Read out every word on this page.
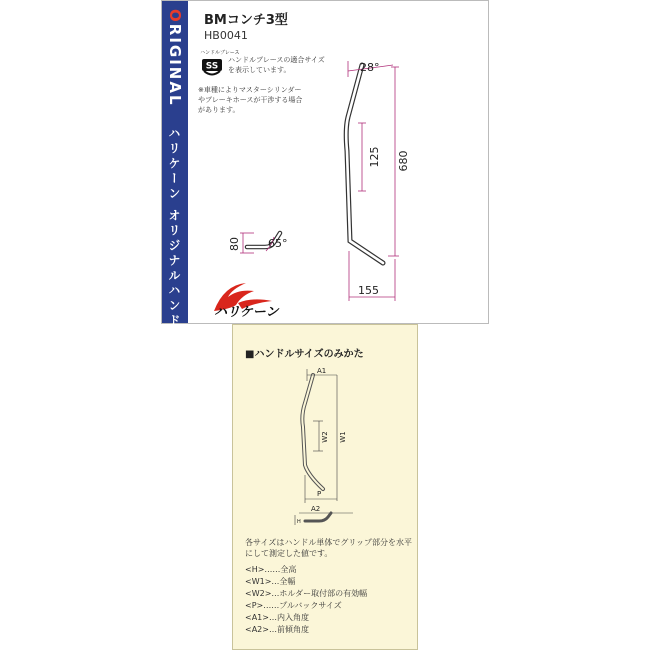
ORIGINAL
ハリケーン オリジナルハンドル
BMコンチ3型
HB0041
ハンドルブレース
SS
ハンドルブレースの適合サイズを表示しています。
※車種によりマスターシリンダーやブレーキホースが干渉する場合があります。
28°
680
125
155
80 65°
ハリケーン
■ハンドルサイズのみかた
A1
W1
W2
P
A2
H
各サイズはハンドル単体でグリップ部分を水平にして測定した値です。
<H>……全高
<W1>…全幅
<W2>…ホルダー取付部の有効幅
<P>……プルバックサイズ
<A1>…内入角度
<A2>…前傾角度
